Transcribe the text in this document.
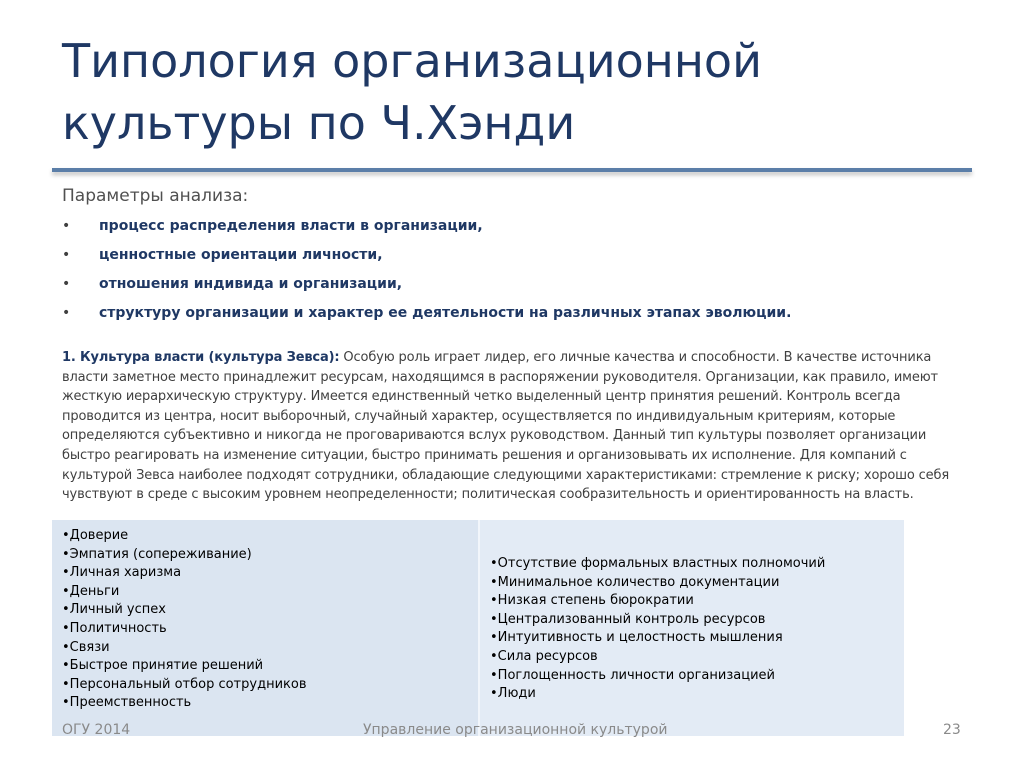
Типология организационной
культуры по Ч.Хэнди
Параметры анализа:
• процесс распределения власти в организации,
• ценностные ориентации личности,
• отношения индивида и организации,
• структуру организации и характер ее деятельности на различных этапах эволюции.
1. Культура власти (культура Зевса): Особую роль играет лидер, его личные качества и способности. В качестве источника власти заметное место принадлежит ресурсам, находящимся в распоряжении руководителя. Организации, как правило, имеют жесткую иерархическую структуру. Имеется единственный четко выделенный центр принятия решений. Контроль всегда проводится из центра, носит выборочный, случайный характер, осуществляется по индивидуальным критериям, которые определяются субъективно и никогда не проговариваются вслух руководством. Данный тип культуры позволяет организации быстро реагировать на изменение ситуации, быстро принимать решения и организовывать их исполнение. Для компаний с культурой Зевса наиболее подходят сотрудники, обладающие следующими характеристиками: стремление к риску; хорошо себя чувствуют в среде с высоким уровнем неопределенности; политическая сообразительность и ориентированность на власть.
•Доверие
•Эмпатия (сопереживание)
•Личная харизма
•Деньги
•Личный успех
•Политичность
•Связи
•Быстрое принятие решений
•Персональный отбор сотрудников
•Преемственность
•Отсутствие формальных властных полномочий
•Минимальное количество документации
•Низкая степень бюрократии
•Централизованный контроль ресурсов
•Интуитивность и целостность мышления
•Сила ресурсов
•Поглощенность личности организацией
•Люди
ОГУ 2014	Управление организационной культурой	23
